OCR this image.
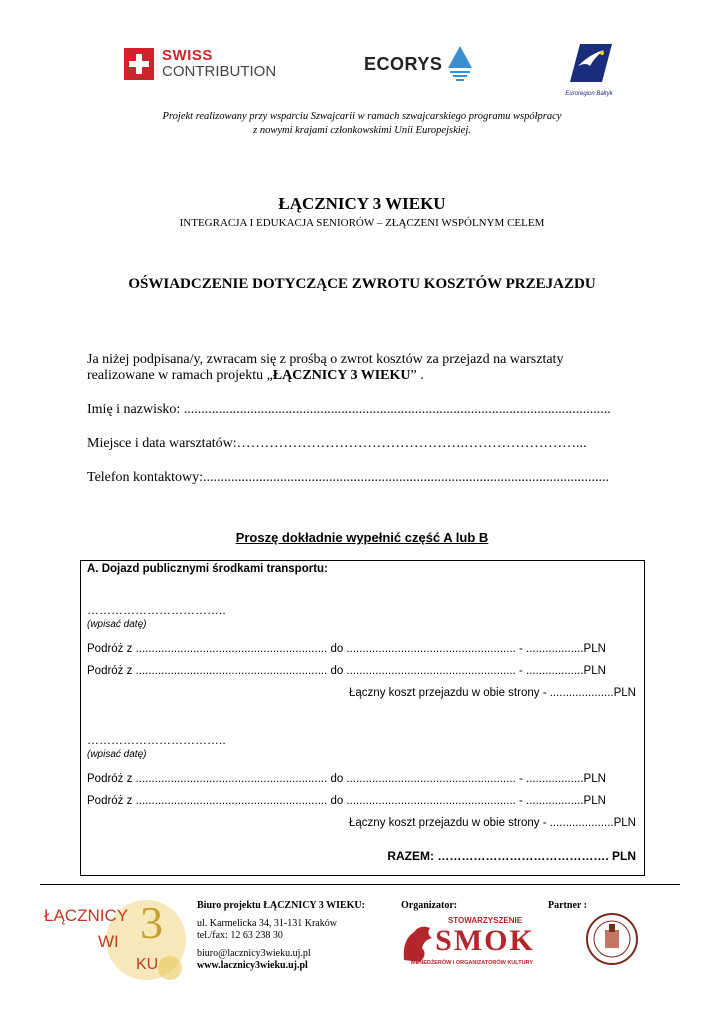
SWISS
CONTRIBUTION	ECORYS
Euroregion Bałtyk
Projekt realizowany przy wsparciu Szwajcarii w ramach szwajcarskiego programu współpracy
z nowymi krajami członkowskimi Unii Europejskiej.
ŁĄCZNICY 3 WIEKU
INTEGRACJA I EDUKACJA SENIORÓW – ZŁĄCZENI WSPÓLNYM CELEM
OŚWIADCZENIE DOTYCZĄCE ZWROTU KOSZTÓW PRZEJAZDU
Ja niżej podpisana/y, zwracam się z prośbą o zwrot kosztów za przejazd na warsztaty
realizowane w ramach projektu „ŁĄCZNICY 3 WIEKU” .
Imię i nazwisko: ..........................................................................................................................
Miejsce i data warsztatów:………………………………………….……………………...
Telefon kontaktowy:....................................................................................................................
Proszę dokładnie wypełnić część A lub B
A. Dojazd publicznymi środkami transportu:
……………………………..
(wpisać datę)
Podróż z ............................................................ do ..................................................... - ..................PLN
Podróż z ............................................................ do ..................................................... - ..................PLN
Łączny koszt przejazdu w obie strony - ....................PLN
……………………………..
(wpisać datę)
Podróż z ............................................................ do ..................................................... - ..................PLN
Podróż z ............................................................ do ..................................................... - ..................PLN
Łączny koszt przejazdu w obie strony - ....................PLN
RAZEM: ……………………………………. PLN
ŁĄCZNICY
WI
KU
3	Biuro projektu ŁĄCZNICY 3 WIEKU:
ul. Karmelicka 34, 31-131 Kraków
tel./fax: 12 63 238 30
biuro@lacznicy3wieku.uj.pl
www.lacznicy3wieku.uj.pl
Organizator:
STOWARZYSZENIE
SMOK
MENEDŻERÓW I ORGANIZATORÓW KULTURY
Partner :
